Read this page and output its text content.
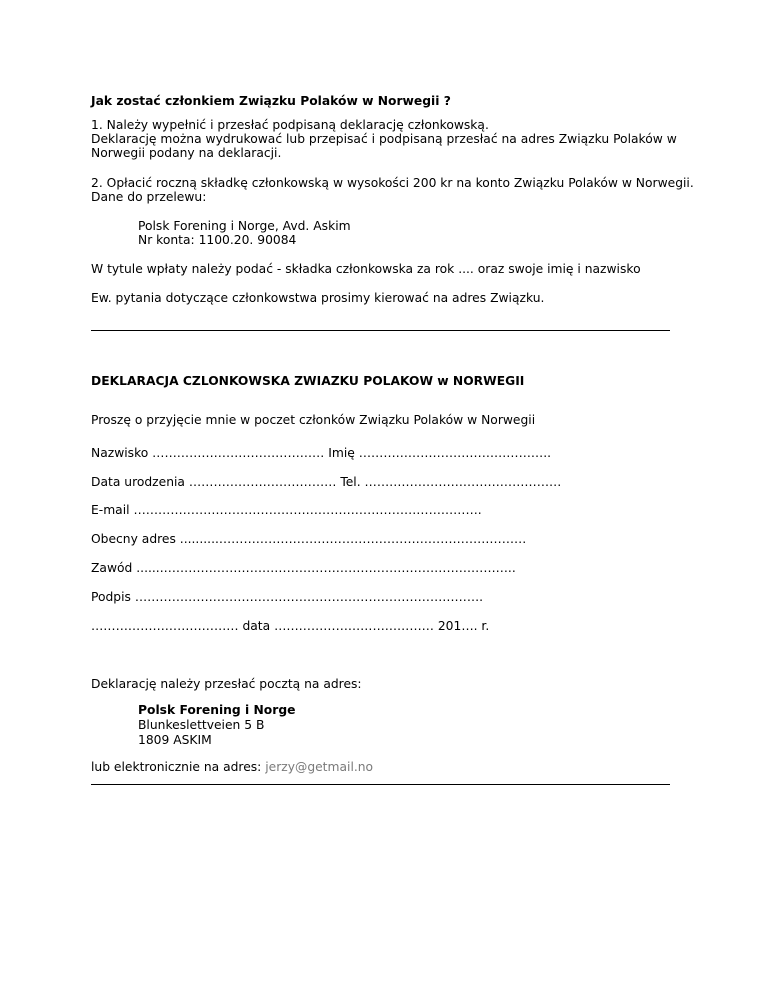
Jak zostać członkiem Związku Polaków w Norwegii ?
1. Należy wypełnić i przesłać podpisaną deklarację członkowską.
Deklarację można wydrukować lub przepisać i podpisaną przesłać na adres Związku Polaków w
Norwegii podany na deklaracji.
2. Opłacić roczną składkę członkowską w wysokości 200 kr na konto Związku Polaków w Norwegii.
Dane do przelewu:
Polsk Forening i Norge, Avd. Askim
Nr konta: 1100.20. 90084
W tytule wpłaty należy podać - składka członkowska za rok .... oraz swoje imię i nazwisko
Ew. pytania dotyczące członkowstwa prosimy kierować na adres Związku.
DEKLARACJA CZLONKOWSKA ZWIAZKU POLAKOW w NORWEGII
Proszę o przyjęcie mnie w poczet członków Związku Polaków w Norwegii
Nazwisko …………………………………… Imię ………………………………………..
Data urodzenia ……………………………… Tel. …………………………………………
E-mail ………………………………………………………………………….
Obecny adres ..........…………………………………………………………………
Zawód .......…………………………………………………………………………..
Podpis ………………………………………………………………………….
……………………………… data ………………………………… 201…. r.
Deklarację należy przesłać pocztą na adres:
Polsk Forening i Norge
Blunkeslettveien 5 B
1809 ASKIM
lub elektronicznie na adres: jerzy@getmail.no
